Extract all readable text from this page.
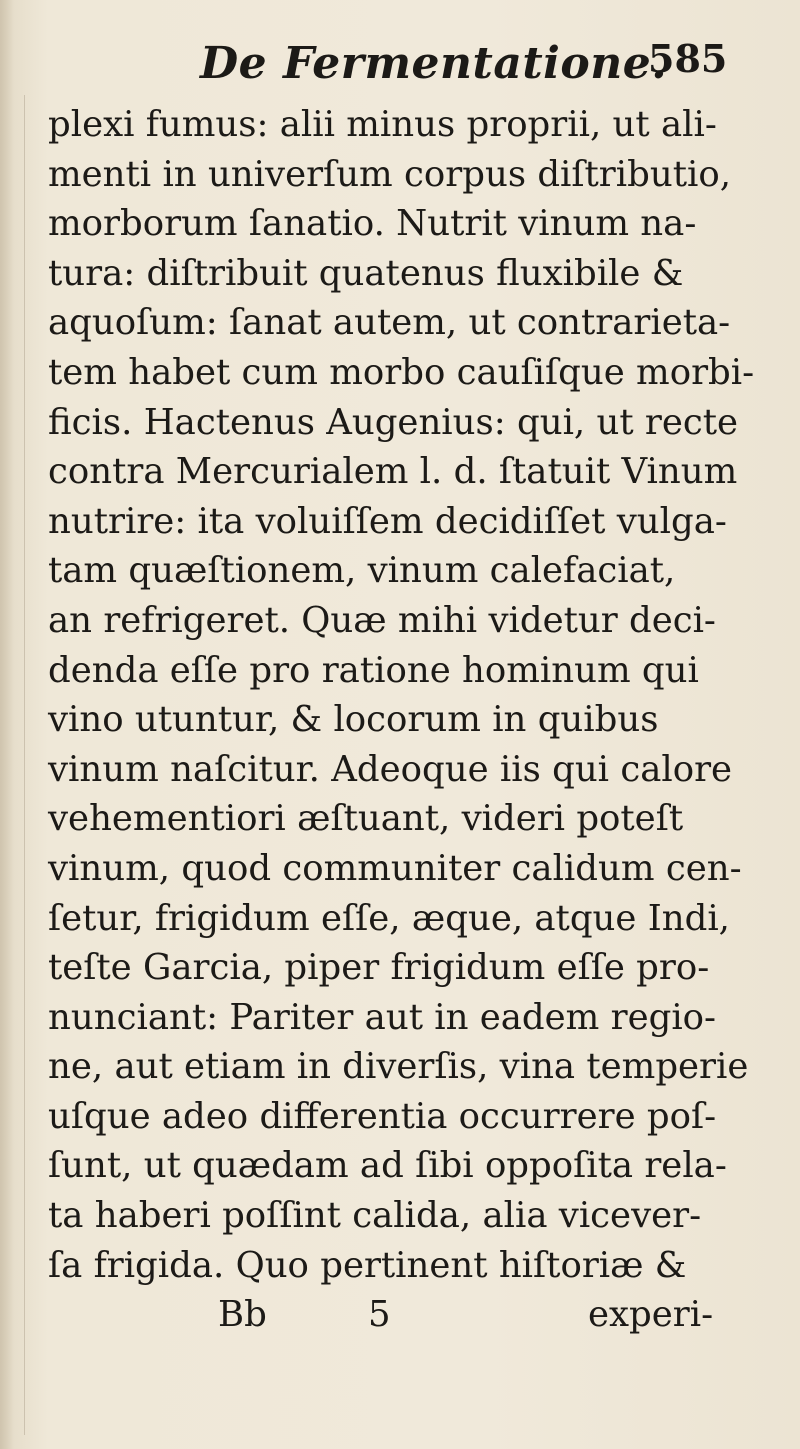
De Fermentatione.
585
plexi fumus: alii minus proprii, ut ali-
menti in univerſum corpus diſtributio,
morborum ſanatio. Nutrit vinum na-
tura: diſtribuit quatenus fluxibile &
aquoſum: ſanat autem, ut contrarieta-
tem habet cum morbo cauſiſque morbi-
ficis. Hactenus Augenius: qui, ut recte
contra Mercurialem l. d. ſtatuit Vinum
nutrire: ita voluiſſem decidiſſet vulga-
tam quæſtionem, vinum calefaciat,
an refrigeret. Quæ mihi videtur deci-
denda eſſe pro ratione hominum qui
vino utuntur, & locorum in quibus
vinum naſcitur. Adeoque iis qui calore
vehementiori æſtuant, videri poteſt
vinum, quod communiter calidum cen-
ſetur, frigidum eſſe, æque, atque Indi,
teſte Garcia, piper frigidum eſſe pro-
nunciant: Pariter aut in eadem regio-
ne, aut etiam in diverſis, vina temperie
uſque adeo differentia occurrere poſ-
ſunt, ut quædam ad ſibi oppoſita rela-
ta haberi poſſint calida, alia vicever-
ſa frigida. Quo pertinent hiſtoriæ &
Bb	5	experi-
